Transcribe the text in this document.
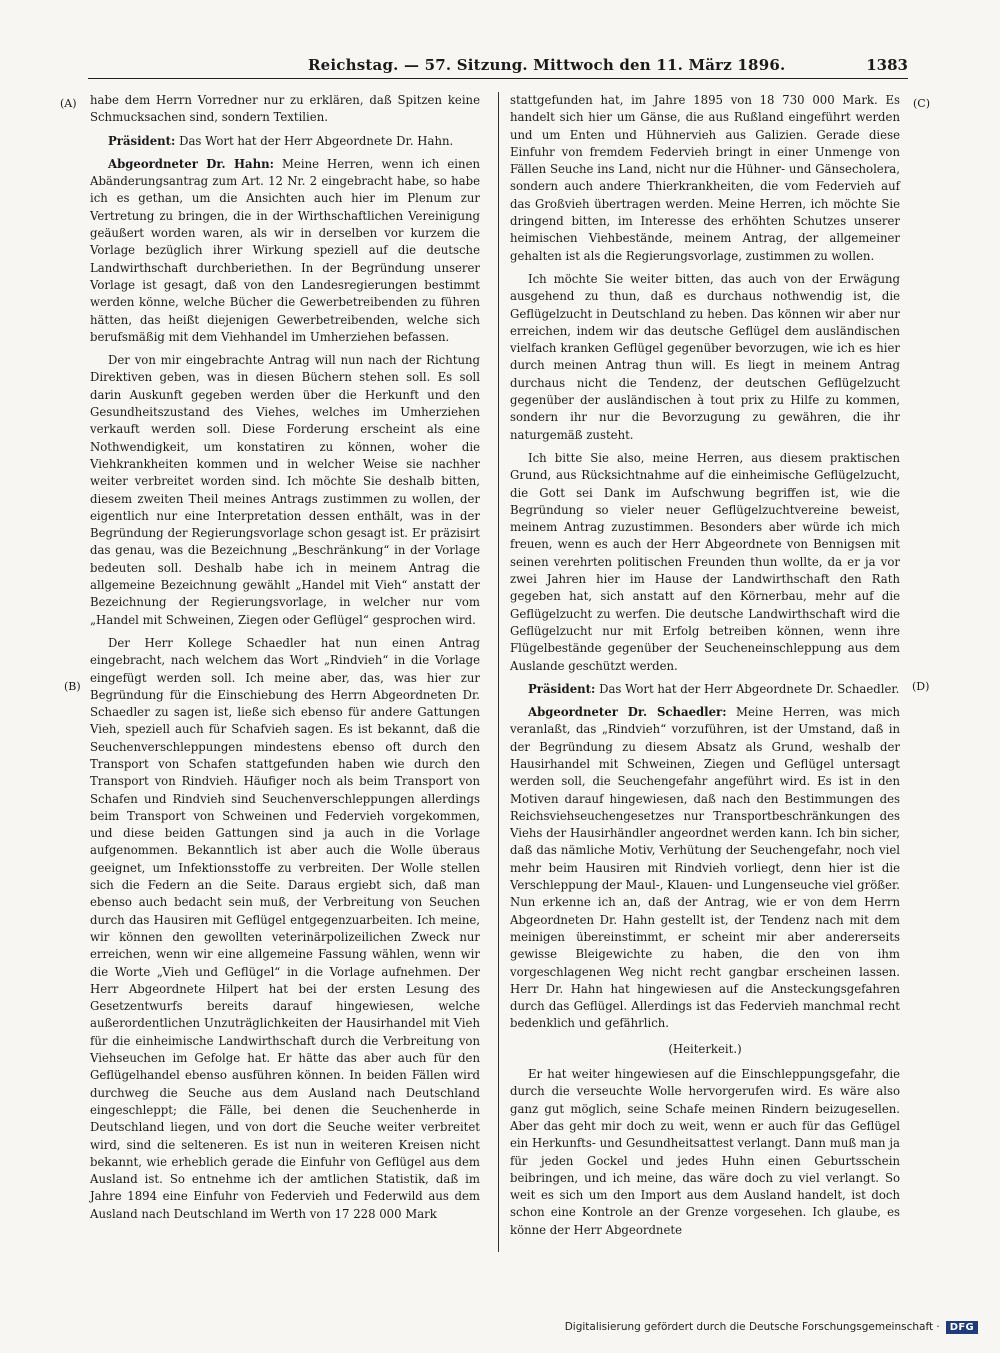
Reichstag. — 57. Sitzung. Mittwoch den 11. März 1896.	1383
(A)
(B)
(C)
(D)

habe dem Herrn Vorredner nur zu erklären, daß Spitzen keine Schmucksachen sind, sondern Textilien.

Präsident: Das Wort hat der Herr Abgeordnete Dr. Hahn.

Abgeordneter Dr. Hahn: Meine Herren, wenn ich einen Abänderungsantrag zum Art. 12 Nr. 2 eingebracht habe, so habe ich es gethan, um die Ansichten auch hier im Plenum zur Vertretung zu bringen, die in der Wirthschaftlichen Vereinigung geäußert worden waren, als wir in derselben vor kurzem die Vorlage bezüglich ihrer Wirkung speziell auf die deutsche Landwirthschaft durchberiethen. In der Begründung unserer Vorlage ist gesagt, daß von den Landesregierungen bestimmt werden könne, welche Bücher die Gewerbetreibenden zu führen hätten, das heißt diejenigen Gewerbetreibenden, welche sich berufsmäßig mit dem Viehhandel im Umherziehen befassen.

Der von mir eingebrachte Antrag will nun nach der Richtung Direktiven geben, was in diesen Büchern stehen soll. Es soll darin Auskunft gegeben werden über die Herkunft und den Gesundheitszustand des Viehes, welches im Umherziehen verkauft werden soll. Diese Forderung erscheint als eine Nothwendigkeit, um konstatiren zu können, woher die Viehkrankheiten kommen und in welcher Weise sie nachher weiter verbreitet worden sind. Ich möchte Sie deshalb bitten, diesem zweiten Theil meines Antrags zustimmen zu wollen, der eigentlich nur eine Interpretation dessen enthält, was in der Begründung der Regierungsvorlage schon gesagt ist. Er präzisirt das genau, was die Bezeichnung „Beschränkung“ in der Vorlage bedeuten soll. Deshalb habe ich in meinem Antrag die allgemeine Bezeichnung gewählt „Handel mit Vieh“ anstatt der Bezeichnung der Regierungsvorlage, in welcher nur vom „Handel mit Schweinen, Ziegen oder Geflügel“ gesprochen wird.

Der Herr Kollege Schaedler hat nun einen Antrag eingebracht, nach welchem das Wort „Rindvieh“ in die Vorlage eingefügt werden soll. Ich meine aber, das, was hier zur Begründung für die Einschiebung des Herrn Abgeordneten Dr. Schaedler zu sagen ist, ließe sich ebenso für andere Gattungen Vieh, speziell auch für Schafvieh sagen. Es ist bekannt, daß die Seuchenverschleppungen mindestens ebenso oft durch den Transport von Schafen stattgefunden haben wie durch den Transport von Rindvieh. Häufiger noch als beim Transport von Schafen und Rindvieh sind Seuchenverschleppungen allerdings beim Transport von Schweinen und Federvieh vorgekommen, und diese beiden Gattungen sind ja auch in die Vorlage aufgenommen. Bekanntlich ist aber auch die Wolle überaus geeignet, um Infektionsstoffe zu verbreiten. Der Wolle stellen sich die Federn an die Seite. Daraus ergiebt sich, daß man ebenso auch bedacht sein muß, der Verbreitung von Seuchen durch das Hausiren mit Geflügel entgegenzuarbeiten. Ich meine, wir können den gewollten veterinärpolizeilichen Zweck nur erreichen, wenn wir eine allgemeine Fassung wählen, wenn wir die Worte „Vieh und Geflügel“ in die Vorlage aufnehmen. Der Herr Abgeordnete Hilpert hat bei der ersten Lesung des Gesetzentwurfs bereits darauf hingewiesen, welche außerordentlichen Unzuträglichkeiten der Hausirhandel mit Vieh für die einheimische Landwirthschaft durch die Verbreitung von Viehseuchen im Gefolge hat. Er hätte das aber auch für den Geflügelhandel ebenso ausführen können. In beiden Fällen wird durchweg die Seuche aus dem Ausland nach Deutschland eingeschleppt; die Fälle, bei denen die Seuchenherde in Deutschland liegen, und von dort die Seuche weiter verbreitet wird, sind die selteneren. Es ist nun in weiteren Kreisen nicht bekannt, wie erheblich gerade die Einfuhr von Geflügel aus dem Ausland ist. So entnehme ich der amtlichen Statistik, daß im Jahre 1894 eine Einfuhr von Federvieh und Federwild aus dem Ausland nach Deutschland im Werth von 17 228 000 Mark

stattgefunden hat, im Jahre 1895 von 18 730 000 Mark. Es handelt sich hier um Gänse, die aus Rußland eingeführt werden und um Enten und Hühnervieh aus Galizien. Gerade diese Einfuhr von fremdem Federvieh bringt in einer Unmenge von Fällen Seuche ins Land, nicht nur die Hühner- und Gänsecholera, sondern auch andere Thierkrankheiten, die vom Federvieh auf das Großvieh übertragen werden. Meine Herren, ich möchte Sie dringend bitten, im Interesse des erhöhten Schutzes unserer heimischen Viehbestände, meinem Antrag, der allgemeiner gehalten ist als die Regierungsvorlage, zustimmen zu wollen.

Ich möchte Sie weiter bitten, das auch von der Erwägung ausgehend zu thun, daß es durchaus nothwendig ist, die Geflügelzucht in Deutschland zu heben. Das können wir aber nur erreichen, indem wir das deutsche Geflügel dem ausländischen vielfach kranken Geflügel gegenüber bevorzugen, wie ich es hier durch meinen Antrag thun will. Es liegt in meinem Antrag durchaus nicht die Tendenz, der deutschen Geflügelzucht gegenüber der ausländischen à tout prix zu Hilfe zu kommen, sondern ihr nur die Bevorzugung zu gewähren, die ihr naturgemäß zusteht.

Ich bitte Sie also, meine Herren, aus diesem praktischen Grund, aus Rücksichtnahme auf die einheimische Geflügelzucht, die Gott sei Dank im Aufschwung begriffen ist, wie die Begründung so vieler neuer Geflügelzuchtvereine beweist, meinem Antrag zuzustimmen. Besonders aber würde ich mich freuen, wenn es auch der Herr Abgeordnete von Bennigsen mit seinen verehrten politischen Freunden thun wollte, da er ja vor zwei Jahren hier im Hause der Landwirthschaft den Rath gegeben hat, sich anstatt auf den Körnerbau, mehr auf die Geflügelzucht zu werfen. Die deutsche Landwirthschaft wird die Geflügelzucht nur mit Erfolg betreiben können, wenn ihre Flügelbestände gegenüber der Seucheneinschleppung aus dem Auslande geschützt werden.

Präsident: Das Wort hat der Herr Abgeordnete Dr. Schaedler.

Abgeordneter Dr. Schaedler: Meine Herren, was mich veranlaßt, das „Rindvieh“ vorzuführen, ist der Umstand, daß in der Begründung zu diesem Absatz als Grund, weshalb der Hausirhandel mit Schweinen, Ziegen und Geflügel untersagt werden soll, die Seuchengefahr angeführt wird. Es ist in den Motiven darauf hingewiesen, daß nach den Bestimmungen des Reichsviehseuchengesetzes nur Transportbeschränkungen des Viehs der Hausirhändler angeordnet werden kann. Ich bin sicher, daß das nämliche Motiv, Verhütung der Seuchengefahr, noch viel mehr beim Hausiren mit Rindvieh vorliegt, denn hier ist die Verschleppung der Maul-, Klauen- und Lungenseuche viel größer. Nun erkenne ich an, daß der Antrag, wie er von dem Herrn Abgeordneten Dr. Hahn gestellt ist, der Tendenz nach mit dem meinigen übereinstimmt, er scheint mir aber andererseits gewisse Bleigewichte zu haben, die den von ihm vorgeschlagenen Weg nicht recht gangbar erscheinen lassen. Herr Dr. Hahn hat hingewiesen auf die Ansteckungsgefahren durch das Geflügel. Allerdings ist das Federvieh manchmal recht bedenklich und gefährlich.

(Heiterkeit.)

Er hat weiter hingewiesen auf die Einschleppungsgefahr, die durch die verseuchte Wolle hervorgerufen wird. Es wäre also ganz gut möglich, seine Schafe meinen Rindern beizugesellen. Aber das geht mir doch zu weit, wenn er auch für das Geflügel ein Herkunfts- und Gesundheitsattest verlangt. Dann muß man ja für jeden Gockel und jedes Huhn einen Geburtsschein beibringen, und ich meine, das wäre doch zu viel verlangt. So weit es sich um den Import aus dem Ausland handelt, ist doch schon eine Kontrole an der Grenze vorgesehen. Ich glaube, es könne der Herr Abgeordnete

Digitalisierung gefördert durch die Deutsche Forschungsgemeinschaft ·	DFG
